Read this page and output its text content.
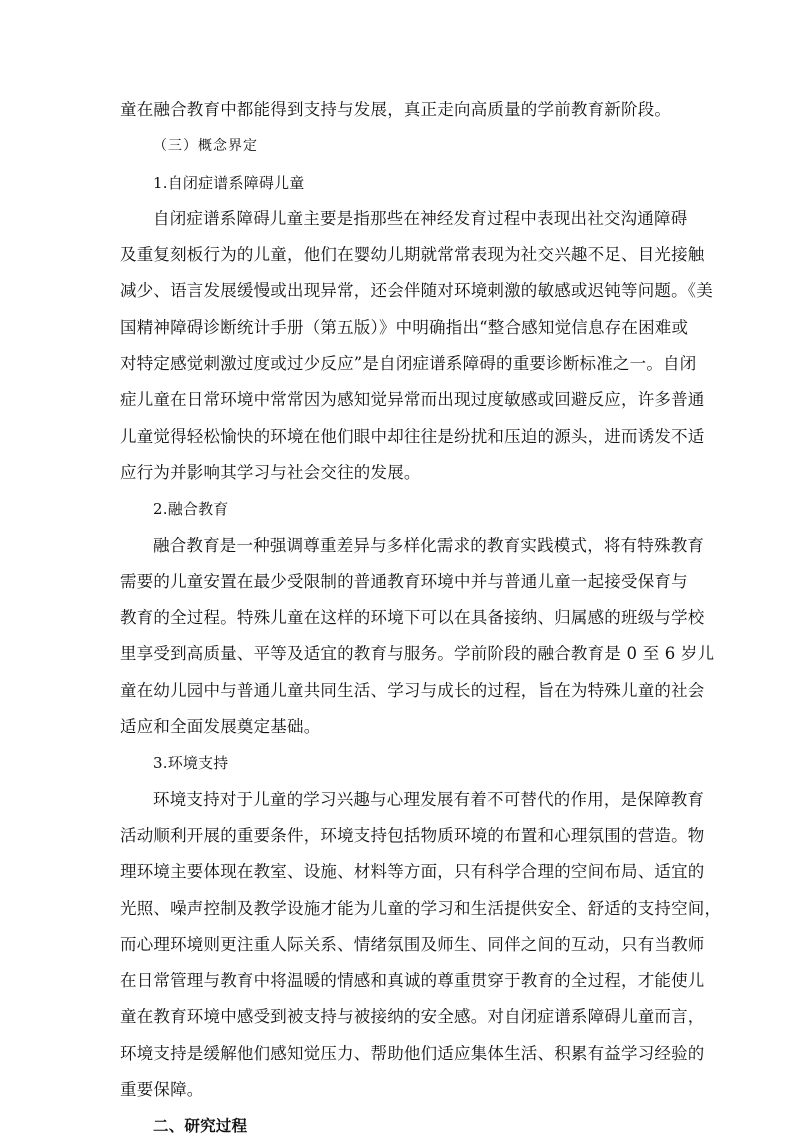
童在融合教育中都能得到支持与发展，真正走向高质量的学前教育新阶段。
（三）概念界定
1.自闭症谱系障碍儿童
自闭症谱系障碍儿童主要是指那些在神经发育过程中表现出社交沟通障碍
及重复刻板行为的儿童，他们在婴幼儿期就常常表现为社交兴趣不足、目光接触
减少、语言发展缓慢或出现异常，还会伴随对环境刺激的敏感或迟钝等问题。《美
国精神障碍诊断统计手册（第五版）》中明确指出“整合感知觉信息存在困难或
对特定感觉刺激过度或过少反应”是自闭症谱系障碍的重要诊断标准之一。自闭
症儿童在日常环境中常常因为感知觉异常而出现过度敏感或回避反应，许多普通
儿童觉得轻松愉快的环境在他们眼中却往往是纷扰和压迫的源头，进而诱发不适
应行为并影响其学习与社会交往的发展。
2.融合教育
融合教育是一种强调尊重差异与多样化需求的教育实践模式，将有特殊教育
需要的儿童安置在最少受限制的普通教育环境中并与普通儿童一起接受保育与
教育的全过程。特殊儿童在这样的环境下可以在具备接纳、归属感的班级与学校
里享受到高质量、平等及适宜的教育与服务。学前阶段的融合教育是 0 至 6 岁儿
童在幼儿园中与普通儿童共同生活、学习与成长的过程，旨在为特殊儿童的社会
适应和全面发展奠定基础。
3.环境支持
环境支持对于儿童的学习兴趣与心理发展有着不可替代的作用，是保障教育
活动顺利开展的重要条件，环境支持包括物质环境的布置和心理氛围的营造。物
理环境主要体现在教室、设施、材料等方面，只有科学合理的空间布局、适宜的
光照、噪声控制及教学设施才能为儿童的学习和生活提供安全、舒适的支持空间，
而心理环境则更注重人际关系、情绪氛围及师生、同伴之间的互动，只有当教师
在日常管理与教育中将温暖的情感和真诚的尊重贯穿于教育的全过程，才能使儿
童在教育环境中感受到被支持与被接纳的安全感。对自闭症谱系障碍儿童而言，
环境支持是缓解他们感知觉压力、帮助他们适应集体生活、积累有益学习经验的
重要保障。
二、研究过程
